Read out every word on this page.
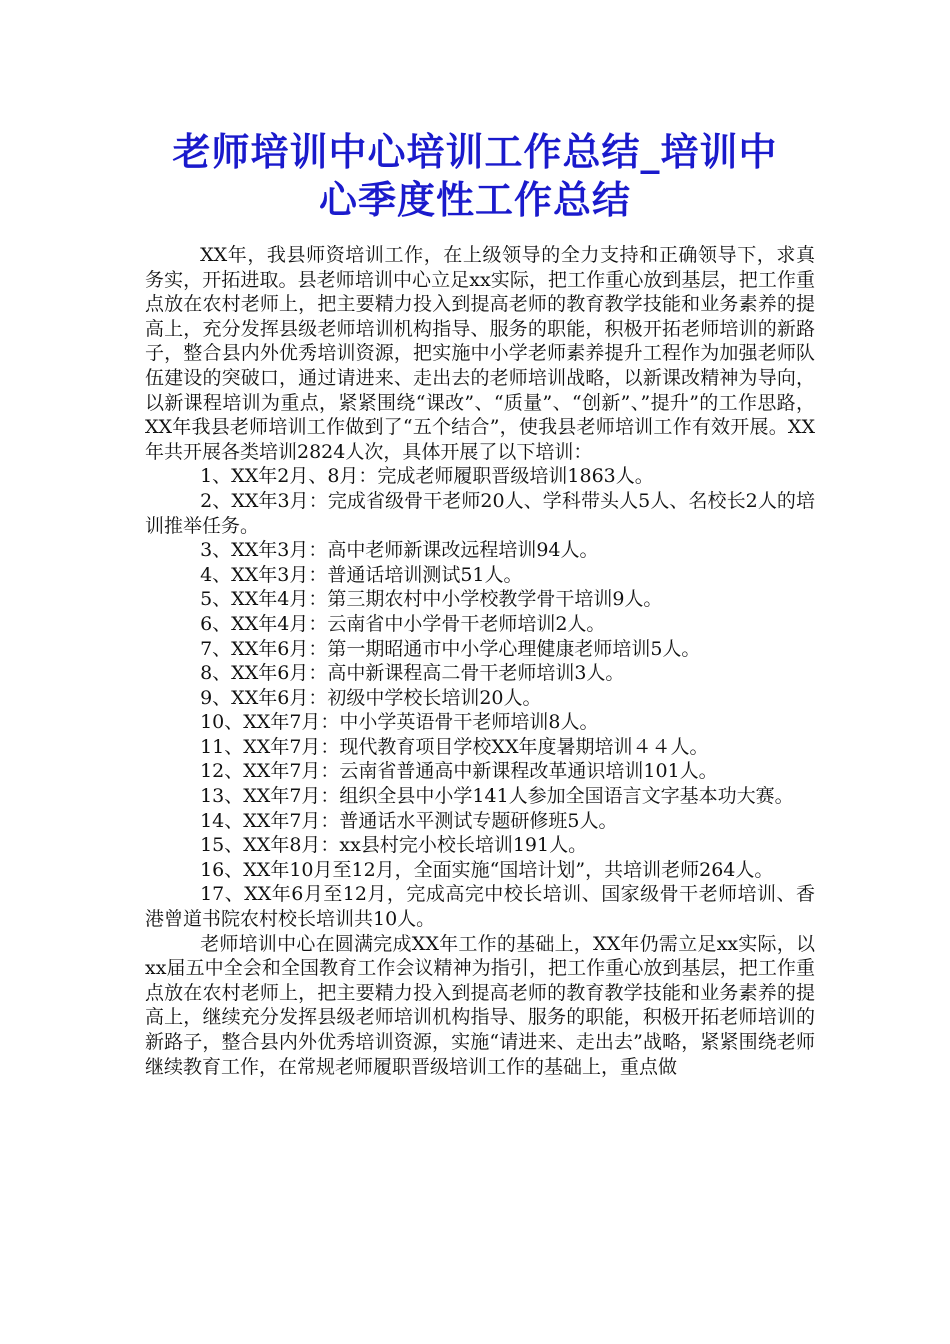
老师培训中心培训工作总结_培训中
心季度性工作总结

XX年，我县师资培训工作，在上级领导的全力支持和正确领导下，求真务实，开拓进取。县老师培训中心立足xx实际，把工作重心放到基层，把工作重点放在农村老师上，把主要精力投入到提高老师的教育教学技能和业务素养的提高上，充分发挥县级老师培训机构指导、服务的职能，积极开拓老师培训的新路子，整合县内外优秀培训资源，把实施中小学老师素养提升工程作为加强老师队伍建设的突破口，通过请进来、走出去的老师培训战略，以新课改精神为导向，以新课程培训为重点，紧紧围绕“课改”、“质量”、“创新”、”提升”的工作思路，XX年我县老师培训工作做到了“五个结合”，使我县老师培训工作有效开展。XX年共开展各类培训2824人次，具体开展了以下培训：

1、XX年2月、8月：完成老师履职晋级培训1863人。

2、XX年3月：完成省级骨干老师20人、学科带头人5人、名校长2人的培训推举任务。

3、XX年3月：高中老师新课改远程培训94人。

4、XX年3月：普通话培训测试51人。

5、XX年4月：第三期农村中小学校教学骨干培训9人。

6、XX年4月：云南省中小学骨干老师培训2人。

7、XX年6月：第一期昭通市中小学心理健康老师培训5人。

8、XX年6月：高中新课程高二骨干老师培训3人。

9、XX年6月：初级中学校长培训20人。

10、XX年7月：中小学英语骨干老师培训8人。

11、XX年7月：现代教育项目学校XX年度暑期培训４４人。

12、XX年7月：云南省普通高中新课程改革通识培训101人。

13、XX年7月：组织全县中小学141人参加全国语言文字基本功大赛。

14、XX年7月：普通话水平测试专题研修班5人。

15、XX年8月：xx县村完小校长培训191人。

16、XX年10月至12月，全面实施“国培计划”，共培训老师264人。

17、XX年6月至12月，完成高完中校长培训、国家级骨干老师培训、香港曾道书院农村校长培训共10人。

老师培训中心在圆满完成XX年工作的基础上，XX年仍需立足xx实际，以xx届五中全会和全国教育工作会议精神为指引，把工作重心放到基层，把工作重点放在农村老师上，把主要精力投入到提高老师的教育教学技能和业务素养的提高上，继续充分发挥县级老师培训机构指导、服务的职能，积极开拓老师培训的新路子，整合县内外优秀培训资源，实施“请进来、走出去”战略，紧紧围绕老师继续教育工作，在常规老师履职晋级培训工作的基础上，重点做
